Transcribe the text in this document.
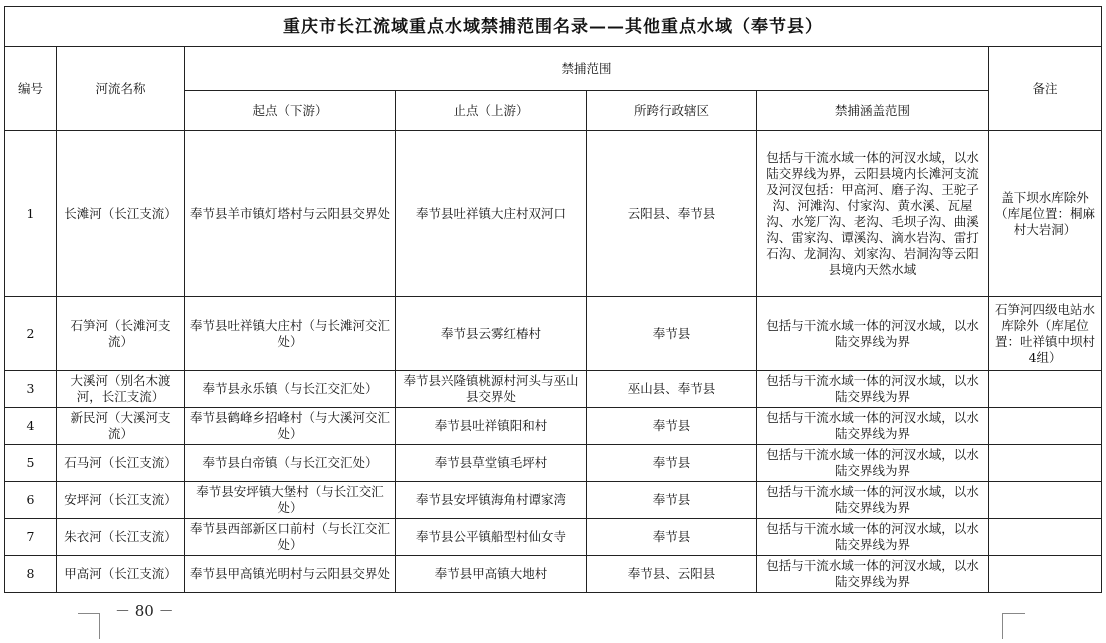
重庆市长江流域重点水域禁捕范围名录——其他重点水域（奉节县）						
编号	河流名称	禁捕范围				备注
		起点（下游）	止点（上游）	所跨行政辖区	禁捕涵盖范围	
1	长滩河（长江支流）	奉节县羊市镇灯塔村与云阳县交界处	奉节县吐祥镇大庄村双河口	云阳县、奉节县	包括与干流水域一体的河汊水域，以水陆交界线为界，云阳县境内长滩河支流及河汊包括：甲高河、磨子沟、王驼子沟、河滩沟、付家沟、黄水溪、瓦屋沟、水笼厂沟、老沟、毛坝子沟、曲溪沟、雷家沟、谭溪沟、滴水岩沟、雷打石沟、龙洞沟、刘家沟、岩洞沟等云阳县境内天然水域	盖下坝水库除外（库尾位置：桐麻村大岩洞）
2	石笋河（长滩河支流）	奉节县吐祥镇大庄村（与长滩河交汇处）	奉节县云雾红椿村	奉节县	包括与干流水域一体的河汊水域，以水陆交界线为界	石笋河四级电站水库除外（库尾位置：吐祥镇中坝村4组）
3	大溪河（别名木渡河，长江支流）	奉节县永乐镇（与长江交汇处）	奉节县兴隆镇桃源村河头与巫山县交界处	巫山县、奉节县	包括与干流水域一体的河汊水域，以水陆交界线为界	
4	新民河（大溪河支流）	奉节县鹤峰乡招峰村（与大溪河交汇处）	奉节县吐祥镇阳和村	奉节县	包括与干流水域一体的河汊水域，以水陆交界线为界	
5	石马河（长江支流）	奉节县白帝镇（与长江交汇处）	奉节县草堂镇毛坪村	奉节县	包括与干流水域一体的河汊水域，以水陆交界线为界	
6	安坪河（长江支流）	奉节县安坪镇大堡村（与长江交汇处）	奉节县安坪镇海角村谭家湾	奉节县	包括与干流水域一体的河汊水域，以水陆交界线为界	
7	朱衣河（长江支流）	奉节县西部新区口前村（与长江交汇处）	奉节县公平镇船型村仙女寺	奉节县	包括与干流水域一体的河汊水域，以水陆交界线为界	
8	甲高河（长江支流）	奉节县甲高镇光明村与云阳县交界处	奉节县甲高镇大地村	奉节县、云阳县	包括与干流水域一体的河汊水域，以水陆交界线为界	
－ 80 －
